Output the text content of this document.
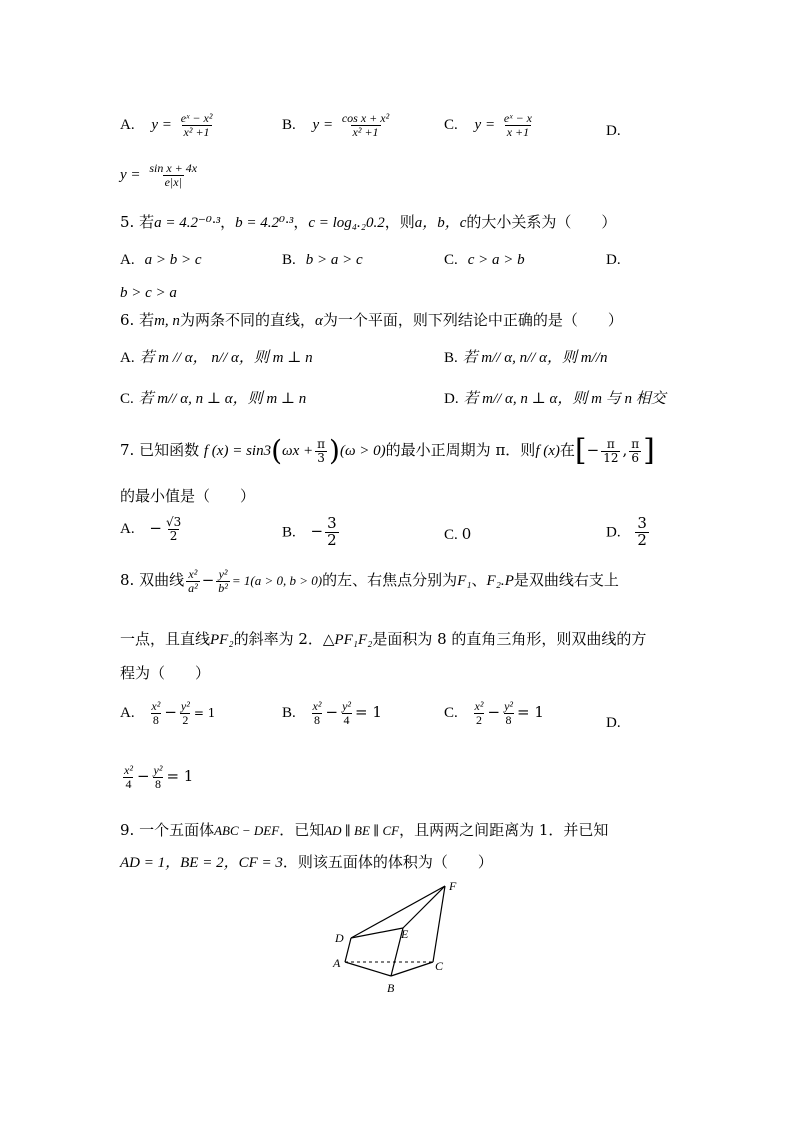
A. $y = \frac{\text{eˣ − x²}}{\text{x² +1}}$	B. $y = \frac{\text{cos x + x²}}{\text{x² +1}}$	C. $y = \frac{\text{eˣ − x}}{x +1}$	D.
$y = \frac{\text{sin x + 4x}}{e|x|}$
5. 若a = 4.2⁻⁰·³，b = 4.2⁰·³，c = log₄.₂0.2，则a，b，c的大小关系为（　　）
A. a > b > c	B. b > a > c	C. c > a > b	D.
b > c > a
6. 若m, n为两条不同的直线，α为一个平面，则下列结论中正确的是（　　）
A. 若 m // α， n// α，则 m ⊥ n	B. 若 m// α, n// α，则 m//n
C. 若 m// α, n ⊥ α，则 m ⊥ n	D. 若 m// α, n ⊥ α，则 m 与 n 相交
7. 已知函数 f $(x) = \sin 3(\omega x + \frac{\pi}{3} )(\omega > 0)$的最小正周期为 π．则f (x)在[− $\frac{\pi}{12}$ , $\frac{\pi}{6}$ ]
的最小值是（　　）
A. − $\frac{√3}{2}$	B. − $\frac{3}{2}$	C. 0	D. $\frac{3}{2}$
8. 双曲线 $\frac{\text{x²}}{\text{a²}} - \frac{\text{y²}}{\text{b²}} = 1(a > 0$, b > 0)的左、右焦点分别为F₁、F₂.P是双曲线右支上
一点，且直线PF₂的斜率为 2．△PF₁F₂是面积为 8 的直角三角形，则双曲线的方
程为（　　）
A. $\frac{\text{x²}}{8} - \frac{\text{y²}}{2} = 1$	B. $\frac{\text{x²}}{8} - \frac{\text{y²}}{4} = 1$	C. $\frac{\text{x²}}{2} - \frac{\text{y²}}{8} = 1$
D.
$\frac{\text{x²}}{4} - \frac{\text{y²}}{8} = 1$
9. 一个五面体ABC − DEF．已知AD ∥ BE ∥ CF，且两两之间距离为 1．并已知
AD = 1，BE = 2，CF = 3．则该五面体的体积为（　　）
D
A
B
C
E
F
